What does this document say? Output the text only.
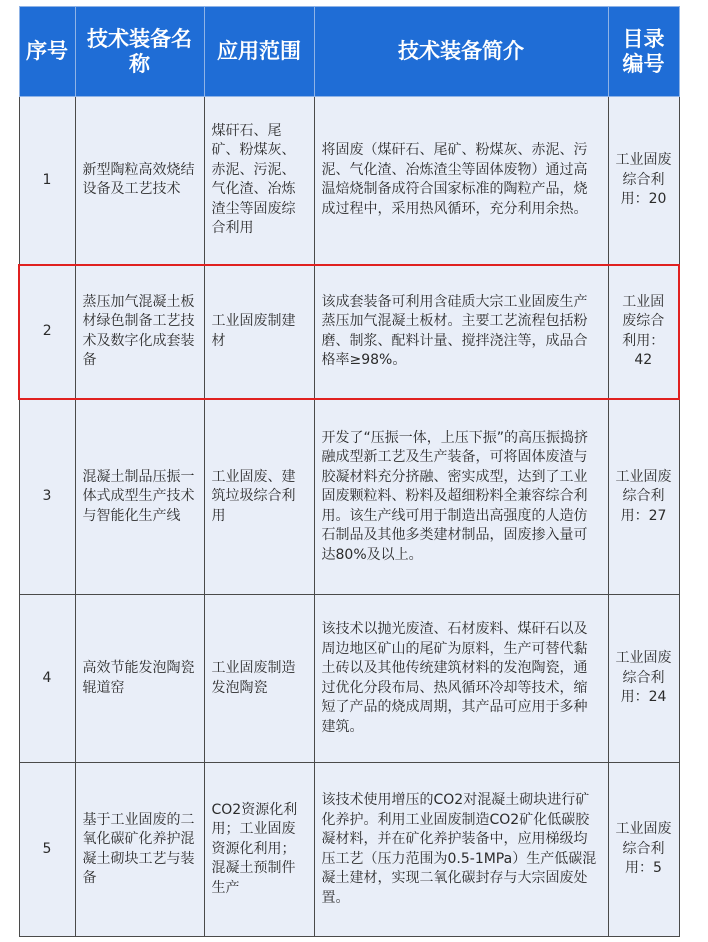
序号	技术装备名称	应用范围	技术装备简介	目录编号
1	新型陶粒高效烧结设备及工艺技术	煤矸石、尾矿、粉煤灰、赤泥、污泥、气化渣、冶炼渣尘等固废综合利用	将固废（煤矸石、尾矿、粉煤灰、赤泥、污泥、气化渣、冶炼渣尘等固体废物）通过高温焙烧制备成符合国家标准的陶粒产品，烧成过程中，采用热风循环，充分利用余热。	工业固废综合利用：20
2	蒸压加气混凝土板材绿色制备工艺技术及数字化成套装备	工业固废制建材	该成套装备可利用含硅质大宗工业固废生产蒸压加气混凝土板材。主要工艺流程包括粉磨、制浆、配料计量、搅拌浇注等，成品合格率≥98%。	工业固废综合利用：42
3	混凝土制品压振一体式成型生产技术与智能化生产线	工业固废、建筑垃圾综合利用	开发了“压振一体，上压下振”的高压振捣挤融成型新工艺及生产装备，可将固体废渣与胶凝材料充分挤融、密实成型，达到了工业固废颗粒料、粉料及超细粉料全兼容综合利用。该生产线可用于制造出高强度的人造仿石制品及其他多类建材制品，固废掺入量可达80%及以上。	工业固废综合利用：27
4	高效节能发泡陶瓷辊道窑	工业固废制造发泡陶瓷	该技术以抛光废渣、石材废料、煤矸石以及周边地区矿山的尾矿为原料，生产可替代黏土砖以及其他传统建筑材料的发泡陶瓷，通过优化分段布局、热风循环冷却等技术，缩短了产品的烧成周期，其产品可应用于多种建筑。	工业固废综合利用：24
5	基于工业固废的二氧化碳矿化养护混凝土砌块工艺与装备	CO2资源化利用；工业固废资源化利用；混凝土预制件生产	该技术使用增压的CO2对混凝土砌块进行矿化养护。利用工业固废制造CO2矿化低碳胶凝材料，并在矿化养护装备中，应用梯级均压工艺（压力范围为0.5-1MPa）生产低碳混凝土建材，实现二氧化碳封存与大宗固废处置。	工业固废综合利用：5
